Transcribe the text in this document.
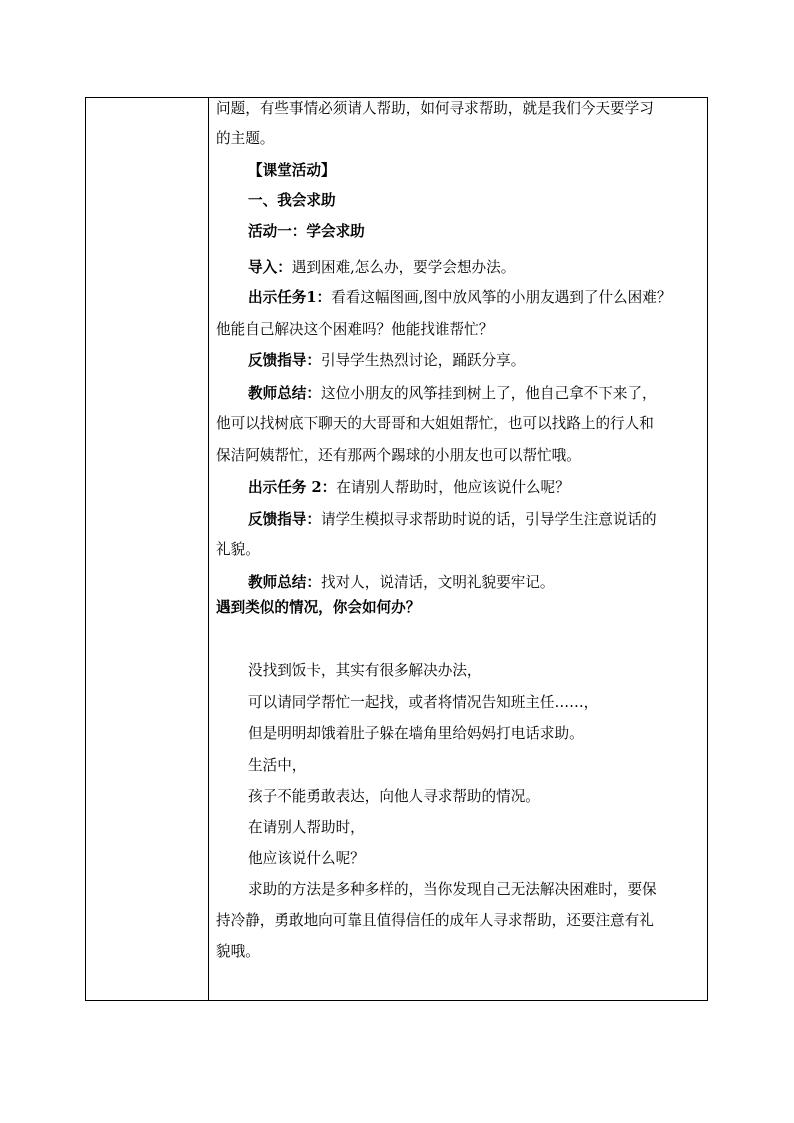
问题，有些事情必须请人帮助，如何寻求帮助，就是我们今天要学习
的主题。
【课堂活动】
一、我会求助
活动一：学会求助
导入：遇到困难,怎么办，要学会想办法。
出示任务1：看看这幅图画,图中放风筝的小朋友遇到了什么困难？
他能自己解决这个困难吗？他能找谁帮忙？
反馈指导：引导学生热烈讨论，踊跃分享。
教师总结：这位小朋友的风筝挂到树上了，他自己拿不下来了，
他可以找树底下聊天的大哥哥和大姐姐帮忙，也可以找路上的行人和
保洁阿姨帮忙，还有那两个踢球的小朋友也可以帮忙哦。
出示任务 2：在请别人帮助时，他应该说什么呢？
反馈指导：请学生模拟寻求帮助时说的话，引导学生注意说话的
礼貌。
教师总结：找对人，说清话，文明礼貌要牢记。
遇到类似的情况，你会如何办？
没找到饭卡，其实有很多解决办法，
可以请同学帮忙一起找，或者将情况告知班主任……，
但是明明却饿着肚子躲在墙角里给妈妈打电话求助。
生活中，
孩子不能勇敢表达，向他人寻求帮助的情况。
在请别人帮助时，
他应该说什么呢？
求助的方法是多种多样的，当你发现自己无法解决困难时，要保
持冷静，勇敢地向可靠且值得信任的成年人寻求帮助，还要注意有礼
貌哦。
